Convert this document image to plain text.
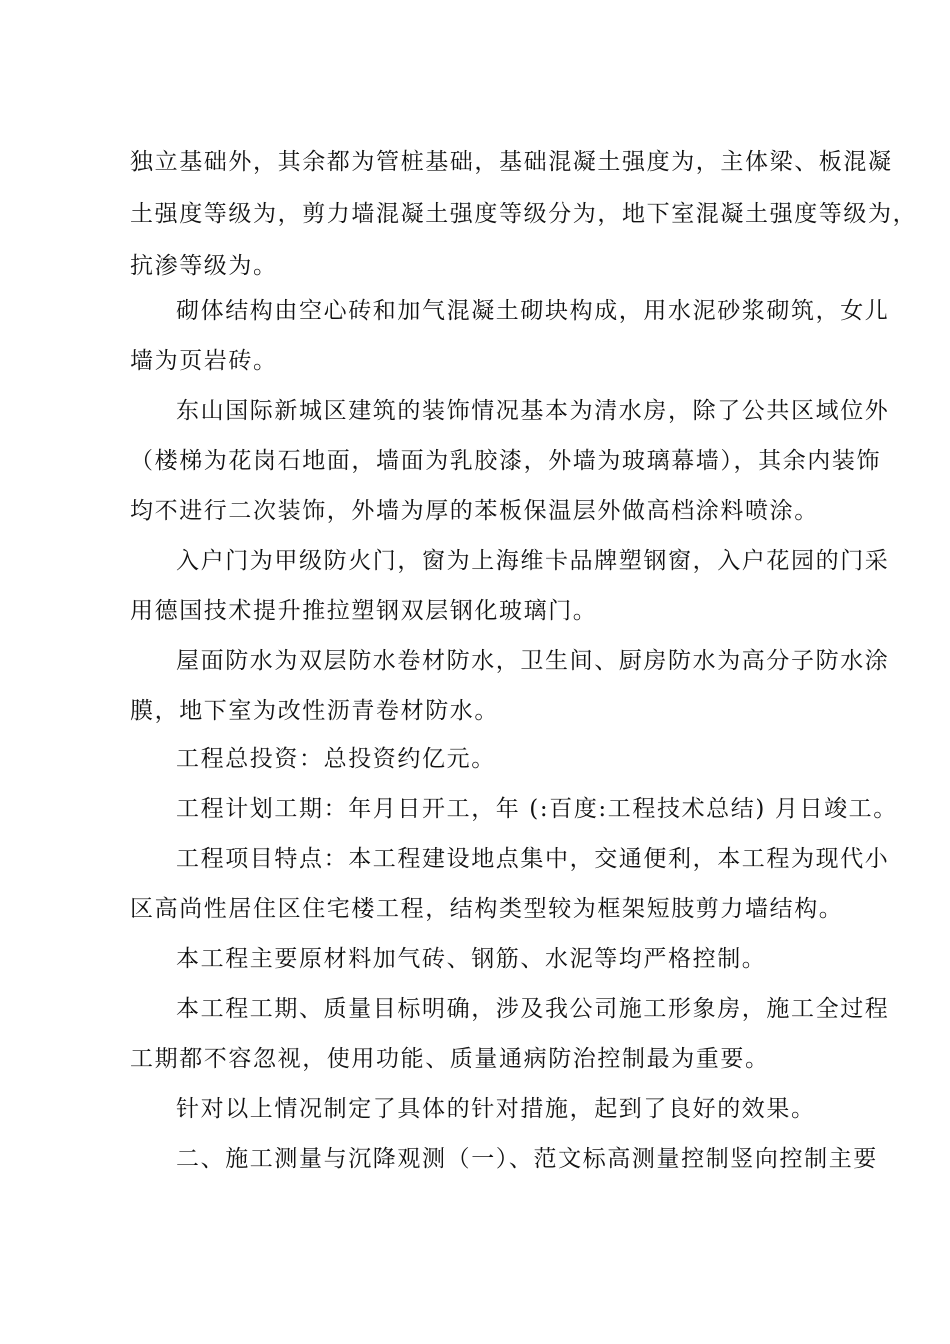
独立基础外，其余都为管桩基础，基础混凝土强度为，主体梁、板混凝
土强度等级为，剪力墙混凝土强度等级分为，地下室混凝土强度等级为，
抗渗等级为。
砌体结构由空心砖和加气混凝土砌块构成，用水泥砂浆砌筑，女儿
墙为页岩砖。
东山国际新城区建筑的装饰情况基本为清水房，除了公共区域位外
（楼梯为花岗石地面，墙面为乳胶漆，外墙为玻璃幕墙），其余内装饰
均不进行二次装饰，外墙为厚的苯板保温层外做高档涂料喷涂。
入户门为甲级防火门，窗为上海维卡品牌塑钢窗，入户花园的门采
用德国技术提升推拉塑钢双层钢化玻璃门。
屋面防水为双层防水卷材防水，卫生间、厨房防水为高分子防水涂
膜，地下室为改性沥青卷材防水。
工程总投资：总投资约亿元。
工程计划工期：年月日开工，年 (:百度:工程技术总结) 月日竣工。
工程项目特点：本工程建设地点集中，交通便利，本工程为现代小
区高尚性居住区住宅楼工程，结构类型较为框架短肢剪力墙结构。
本工程主要原材料加气砖、钢筋、水泥等均严格控制。
本工程工期、质量目标明确，涉及我公司施工形象房，施工全过程
工期都不容忽视，使用功能、质量通病防治控制最为重要。
针对以上情况制定了具体的针对措施，起到了良好的效果。
二、施工测量与沉降观测（一）、范文标高测量控制竖向控制主要
